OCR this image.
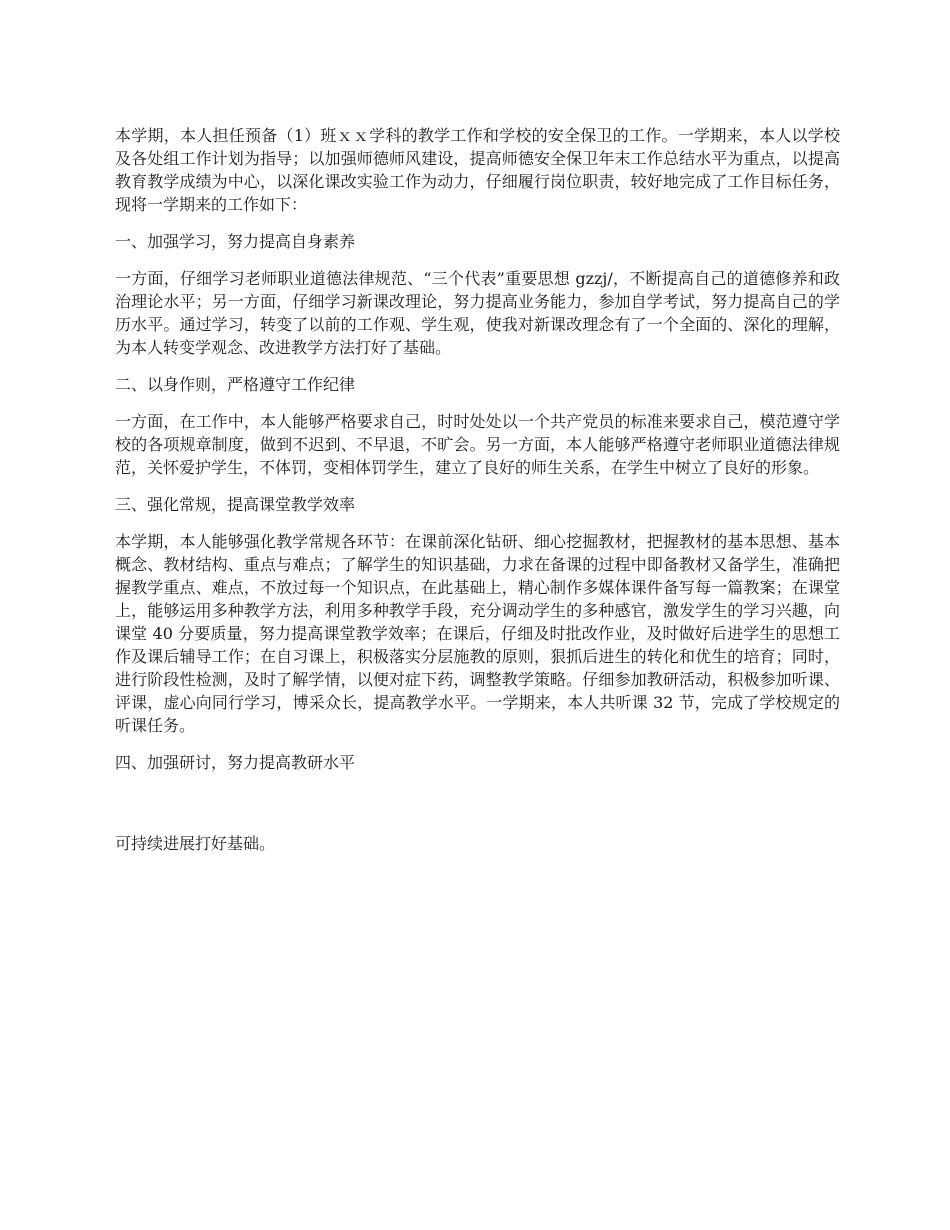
本学期，本人担任预备（1）班ｘｘ学科的教学工作和学校的安全保卫的工作。一学期来，本人以学校及各处组工作计划为指导；以加强师德师风建设，提高师德安全保卫年末工作总结水平为重点，以提高教育教学成绩为中心，以深化课改实验工作为动力，仔细履行岗位职责，较好地完成了工作目标任务，现将一学期来的工作如下：

一、加强学习，努力提高自身素养

一方面，仔细学习老师职业道德法律规范、“三个代表”重要思想 gzzj/，不断提高自己的道德修养和政治理论水平；另一方面，仔细学习新课改理论，努力提高业务能力，参加自学考试，努力提高自己的学历水平。通过学习，转变了以前的工作观、学生观，使我对新课改理念有了一个全面的、深化的理解，为本人转变学观念、改进教学方法打好了基础。

二、以身作则，严格遵守工作纪律

一方面，在工作中，本人能够严格要求自己，时时处处以一个共产党员的标准来要求自己，模范遵守学校的各项规章制度，做到不迟到、不早退，不旷会。另一方面，本人能够严格遵守老师职业道德法律规范，关怀爱护学生，不体罚，变相体罚学生，建立了良好的师生关系，在学生中树立了良好的形象。

三、强化常规，提高课堂教学效率

本学期，本人能够强化教学常规各环节：在课前深化钻研、细心挖掘教材，把握教材的基本思想、基本概念、教材结构、重点与难点；了解学生的知识基础，力求在备课的过程中即备教材又备学生，准确把握教学重点、难点，不放过每一个知识点，在此基础上，精心制作多媒体课件备写每一篇教案；在课堂上，能够运用多种教学方法，利用多种教学手段，充分调动学生的多种感官，激发学生的学习兴趣，向课堂 40 分要质量，努力提高课堂教学效率；在课后，仔细及时批改作业，及时做好后进学生的思想工作及课后辅导工作；在自习课上，积极落实分层施教的原则，狠抓后进生的转化和优生的培育；同时，进行阶段性检测，及时了解学情，以便对症下药，调整教学策略。仔细参加教研活动，积极参加听课、评课，虚心向同行学习，博采众长，提高教学水平。一学期来，本人共听课 32 节，完成了学校规定的听课任务。

四、加强研讨，努力提高教研水平

可持续进展打好基础。
